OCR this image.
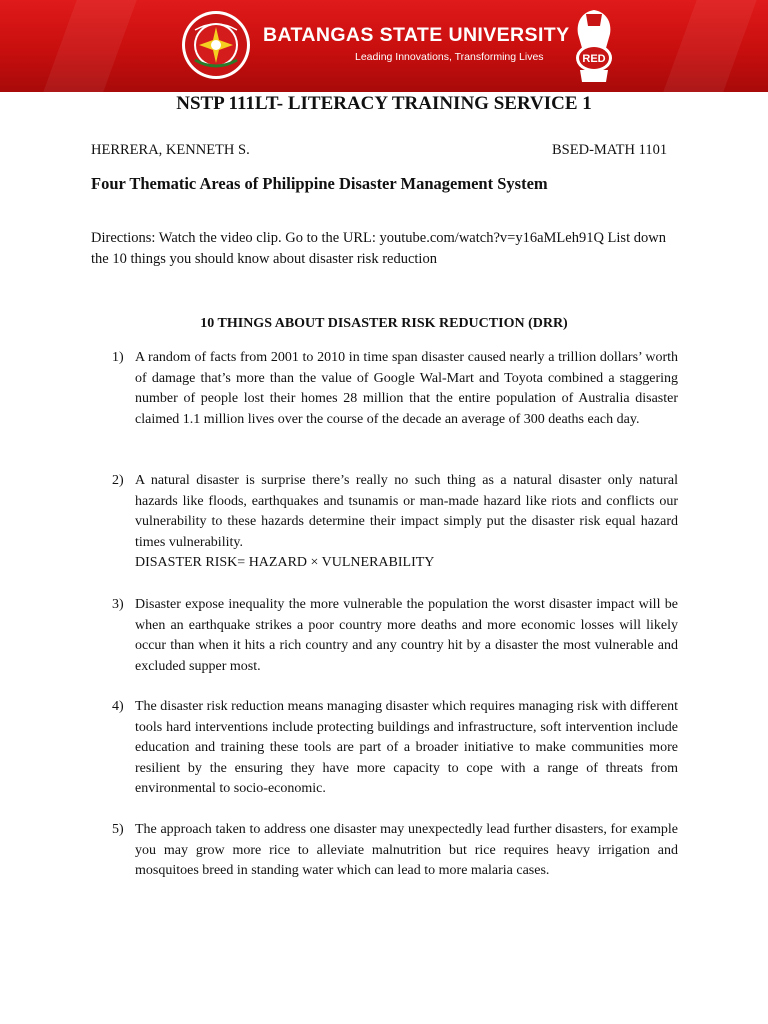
BATANGAS STATE UNIVERSITY
Leading Innovations, Transforming Lives	RED
NSTP 111LT- LITERACY TRAINING SERVICE 1
HERRERA, KENNETH S.	BSED-MATH 1101
Four Thematic Areas of Philippine Disaster Management System
Directions: Watch the video clip. Go to the URL: youtube.com/watch?v=y16aMLeh91Q List down the 10 things you should know about disaster risk reduction
10 THINGS ABOUT DISASTER RISK REDUCTION (DRR)
1) A random of facts from 2001 to 2010 in time span disaster caused nearly a trillion dollars’ worth of damage that’s more than the value of Google Wal-Mart and Toyota combined a staggering number of people lost their homes 28 million that the entire population of Australia disaster claimed 1.1 million lives over the course of the decade an average of 300 deaths each day.

2) A natural disaster is surprise there’s really no such thing as a natural disaster only natural hazards like floods, earthquakes and tsunamis or man-made hazard like riots and conflicts our vulnerability to these hazards determine their impact simply put the disaster risk equal hazard times vulnerability.

DISASTER RISK= HAZARD × VULNERABILITY

3) Disaster expose inequality the more vulnerable the population the worst disaster impact will be when an earthquake strikes a poor country more deaths and more economic losses will likely occur than when it hits a rich country and any country hit by a disaster the most vulnerable and excluded supper most.

4) The disaster risk reduction means managing disaster which requires managing risk with different tools hard interventions include protecting buildings and infrastructure, soft intervention include education and training these tools are part of a broader initiative to make communities more resilient by the ensuring they have more capacity to cope with a range of threats from environmental to socio-economic.

5) The approach taken to address one disaster may unexpectedly lead further disasters, for example you may grow more rice to alleviate malnutrition but rice requires heavy irrigation and mosquitoes breed in standing water which can lead to more malaria cases.
